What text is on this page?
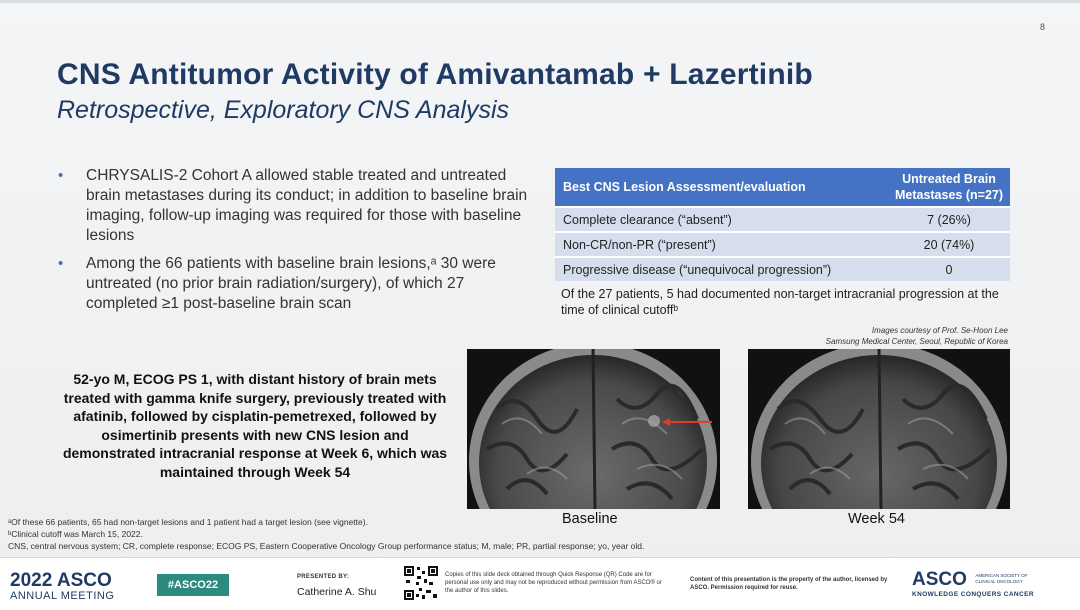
8
CNS Antitumor Activity of Amivantamab + Lazertinib
Retrospective, Exploratory CNS Analysis
• CHRYSALIS-2 Cohort A allowed stable treated and untreated brain metastases during its conduct; in addition to baseline brain imaging, follow-up imaging was required for those with baseline lesions
• Among the 66 patients with baseline brain lesions,ᵃ 30 were untreated (no prior brain radiation/surgery), of which 27 completed ≥1 post-baseline brain scan
Best CNS Lesion Assessment/evaluation	Untreated Brain Metastases (n=27)
Complete clearance (“absent”)	7 (26%)
Non-CR/non-PR (“present”)	20 (74%)
Progressive disease (“unequivocal progression”)	0
Of the 27 patients, 5 had documented non-target intracranial progression at the time of clinical cutoffᵇ
Images courtesy of Prof. Se-Hoon Lee
Samsung Medical Center, Seoul, Republic of Korea
52-yo M, ECOG PS 1, with distant history of brain mets treated with gamma knife surgery, previously treated with afatinib, followed by cisplatin-pemetrexed, followed by osimertinib presents with new CNS lesion and demonstrated intracranial response at Week 6, which was maintained through Week 54
Baseline	Week 54
ᵃOf these 66 patients, 65 had non-target lesions and 1 patient had a target lesion (see vignette).
ᵇClinical cutoff was March 15, 2022.
CNS, central nervous system; CR, complete response; ECOG PS, Eastern Cooperative Oncology Group performance status; M, male; PR, partial response; yo, year old.
2022 ASCO
ANNUAL MEETING
#ASCO22
PRESENTED BY:
Catherine A. Shu
Copies of this slide deck obtained through Quick Response (QR) Code are for personal use only and may not be reproduced without permission from ASCO® or the author of this slides.
Content of this presentation is the property of the author, licensed by ASCO. Permission required for reuse.	ASCO AMERICAN SOCIETY OF CLINICAL ONCOLOGY
KNOWLEDGE CONQUERS CANCER
